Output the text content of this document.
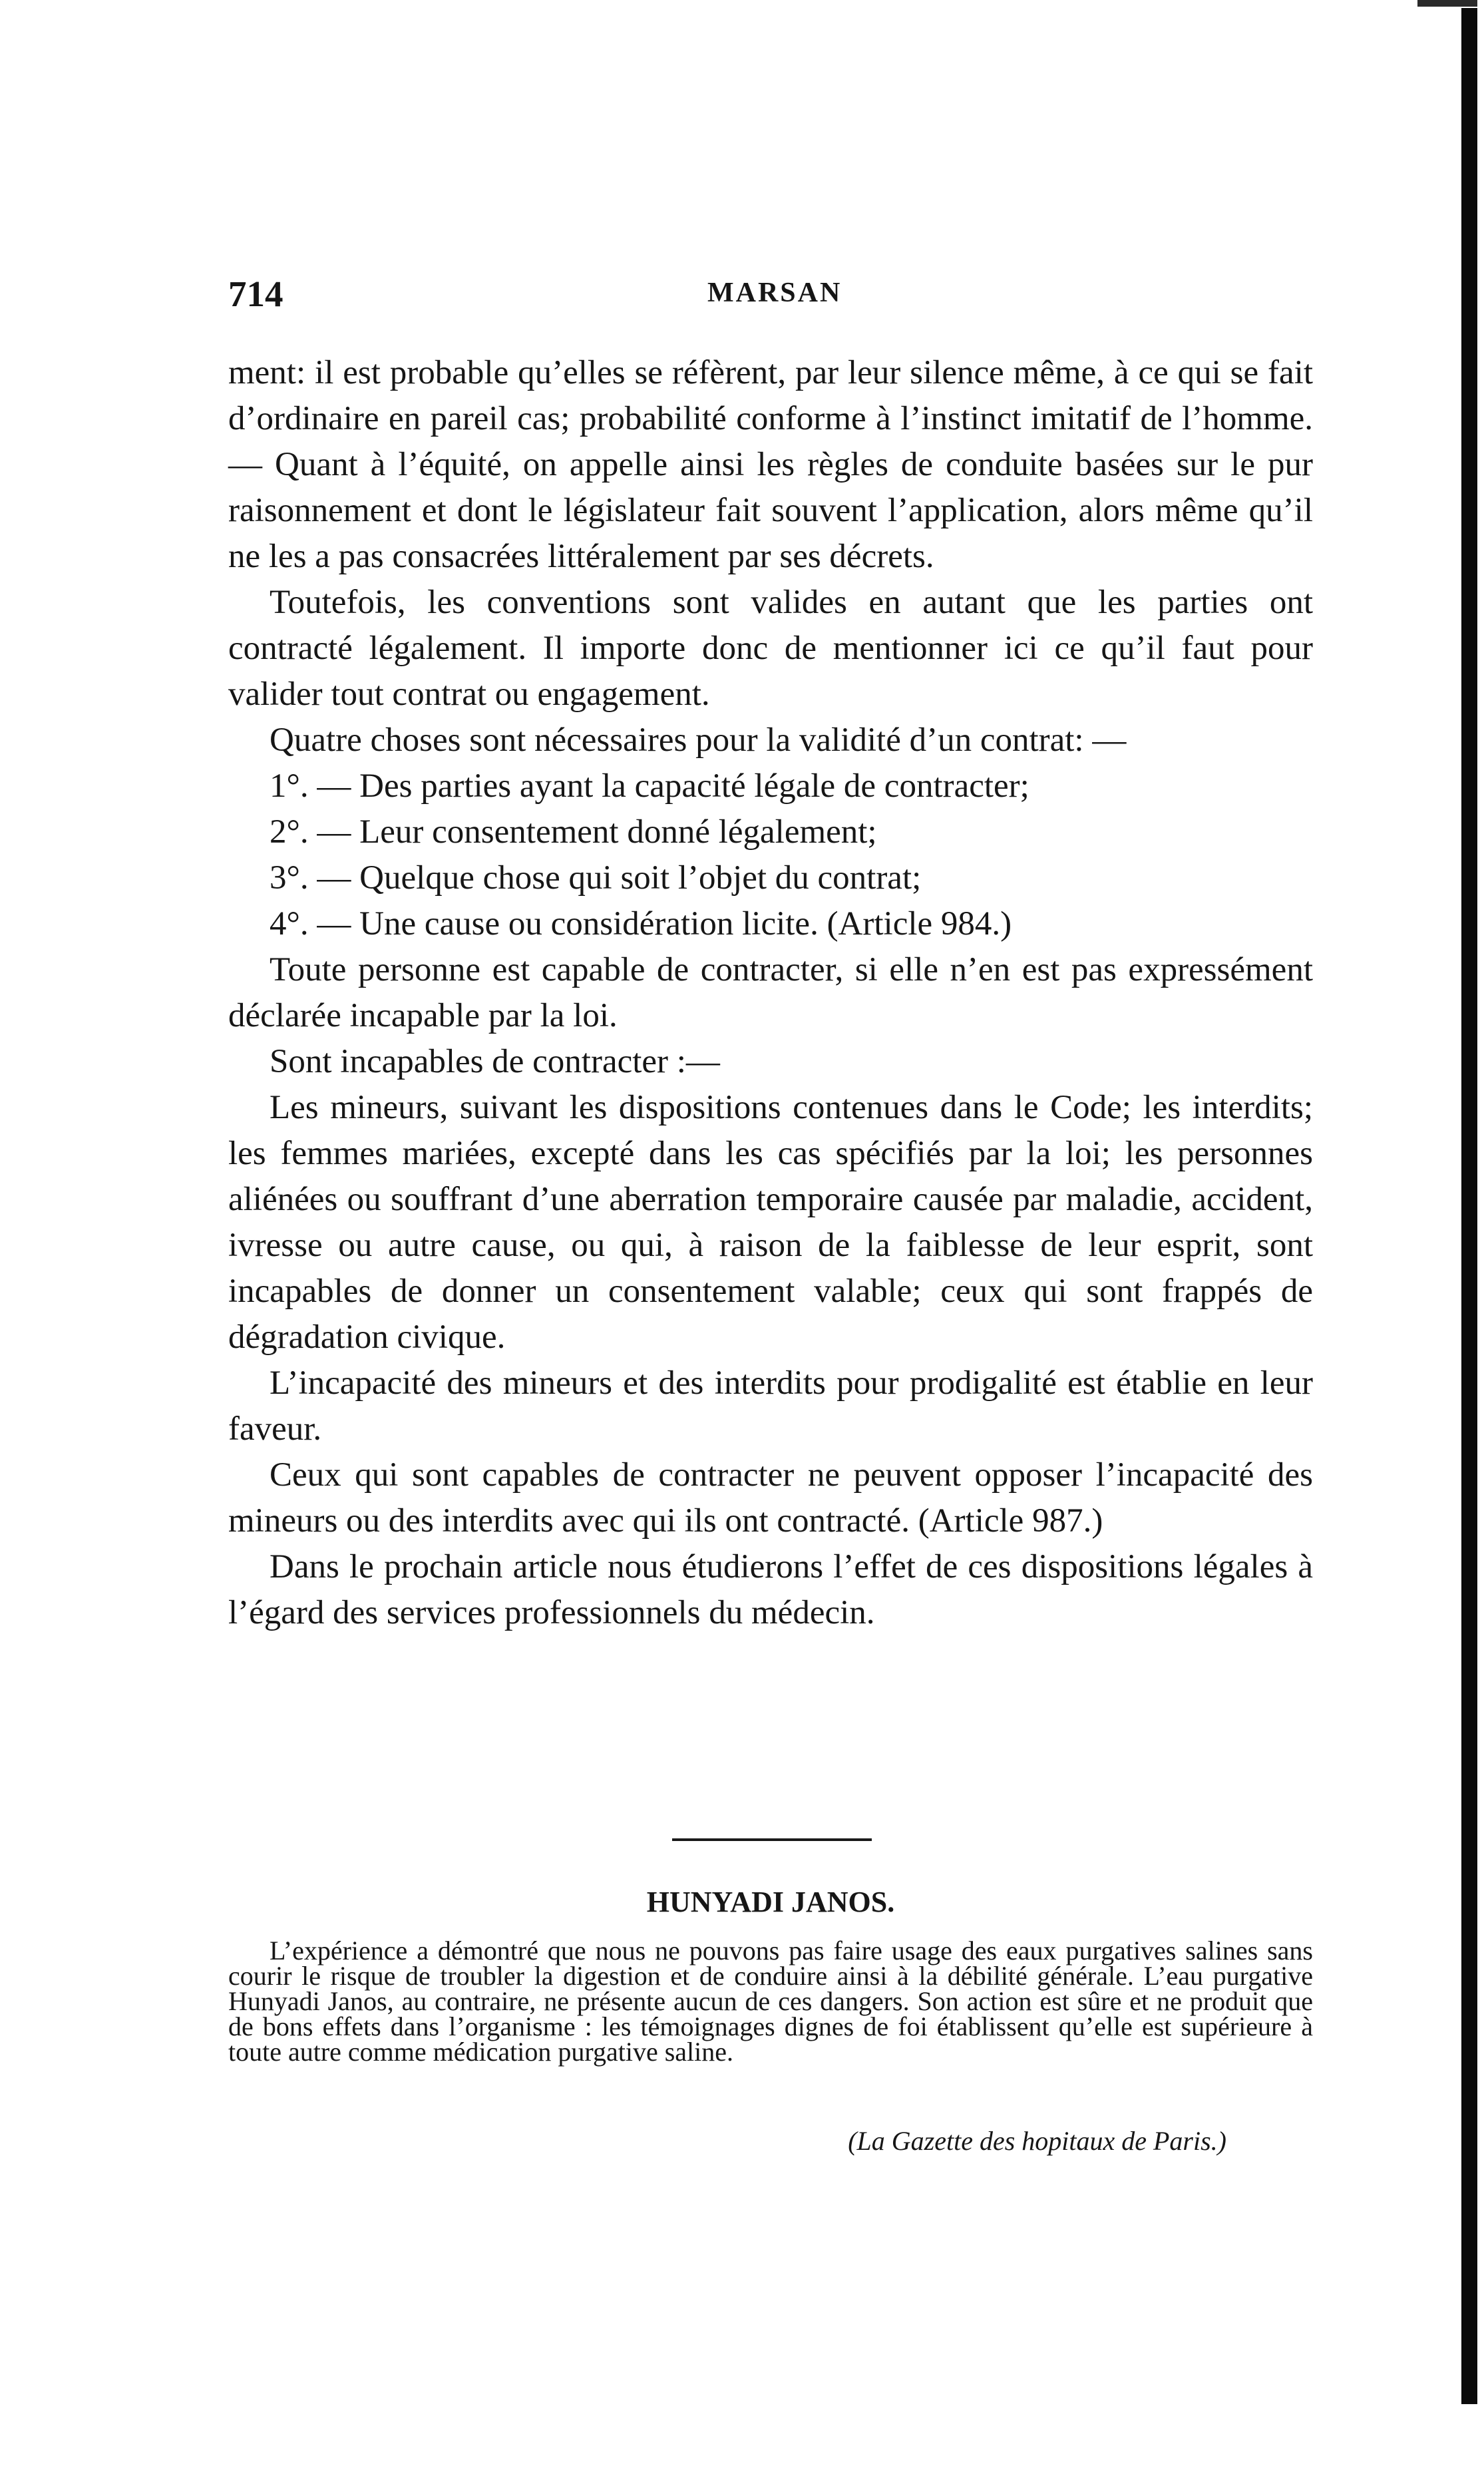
714	MARSAN

ment: il est probable qu’elles se réfèrent, par leur silence même, à ce qui se fait d’ordinaire en pareil cas; probabilité conforme à l’instinct imitatif de l’homme. — Quant à l’équité, on appelle ainsi les règles de conduite basées sur le pur raisonnement et dont le législateur fait souvent l’application, alors même qu’il ne les a pas consacrées littéralement par ses décrets.

Toutefois, les conventions sont valides en autant que les parties ont contracté légalement. Il importe donc de mentionner ici ce qu’il faut pour valider tout contrat ou engagement.

Quatre choses sont nécessaires pour la validité d’un contrat: —

1°. — Des parties ayant la capacité légale de contracter;

2°. — Leur consentement donné légalement;

3°. — Quelque chose qui soit l’objet du contrat;

4°. — Une cause ou considération licite. (Article 984.)

Toute personne est capable de contracter, si elle n’en est pas expressément déclarée incapable par la loi.

Sont incapables de contracter :—

Les mineurs, suivant les dispositions contenues dans le Code; les interdits; les femmes mariées, excepté dans les cas spécifiés par la loi; les personnes aliénées ou souffrant d’une aberration temporaire causée par maladie, accident, ivresse ou autre cause, ou qui, à raison de la faiblesse de leur esprit, sont incapables de donner un consentement valable; ceux qui sont frappés de dégradation civique.

L’incapacité des mineurs et des interdits pour prodigalité est établie en leur faveur.

Ceux qui sont capables de contracter ne peuvent opposer l’incapacité des mineurs ou des interdits avec qui ils ont contracté. (Article 987.)

Dans le prochain article nous étudierons l’effet de ces dispositions légales à l’égard des services professionnels du médecin.

HUNYADI JANOS.

L’expérience a démontré que nous ne pouvons pas faire usage des eaux purgatives salines sans courir le risque de troubler la digestion et de conduire ainsi à la débilité générale. L’eau purgative Hunyadi Janos, au contraire, ne présente aucun de ces dangers. Son action est sûre et ne produit que de bons effets dans l’organisme : les témoignages dignes de foi établissent qu’elle est supérieure à toute autre comme médication purgative saline.

(La Gazette des hopitaux de Paris.)
